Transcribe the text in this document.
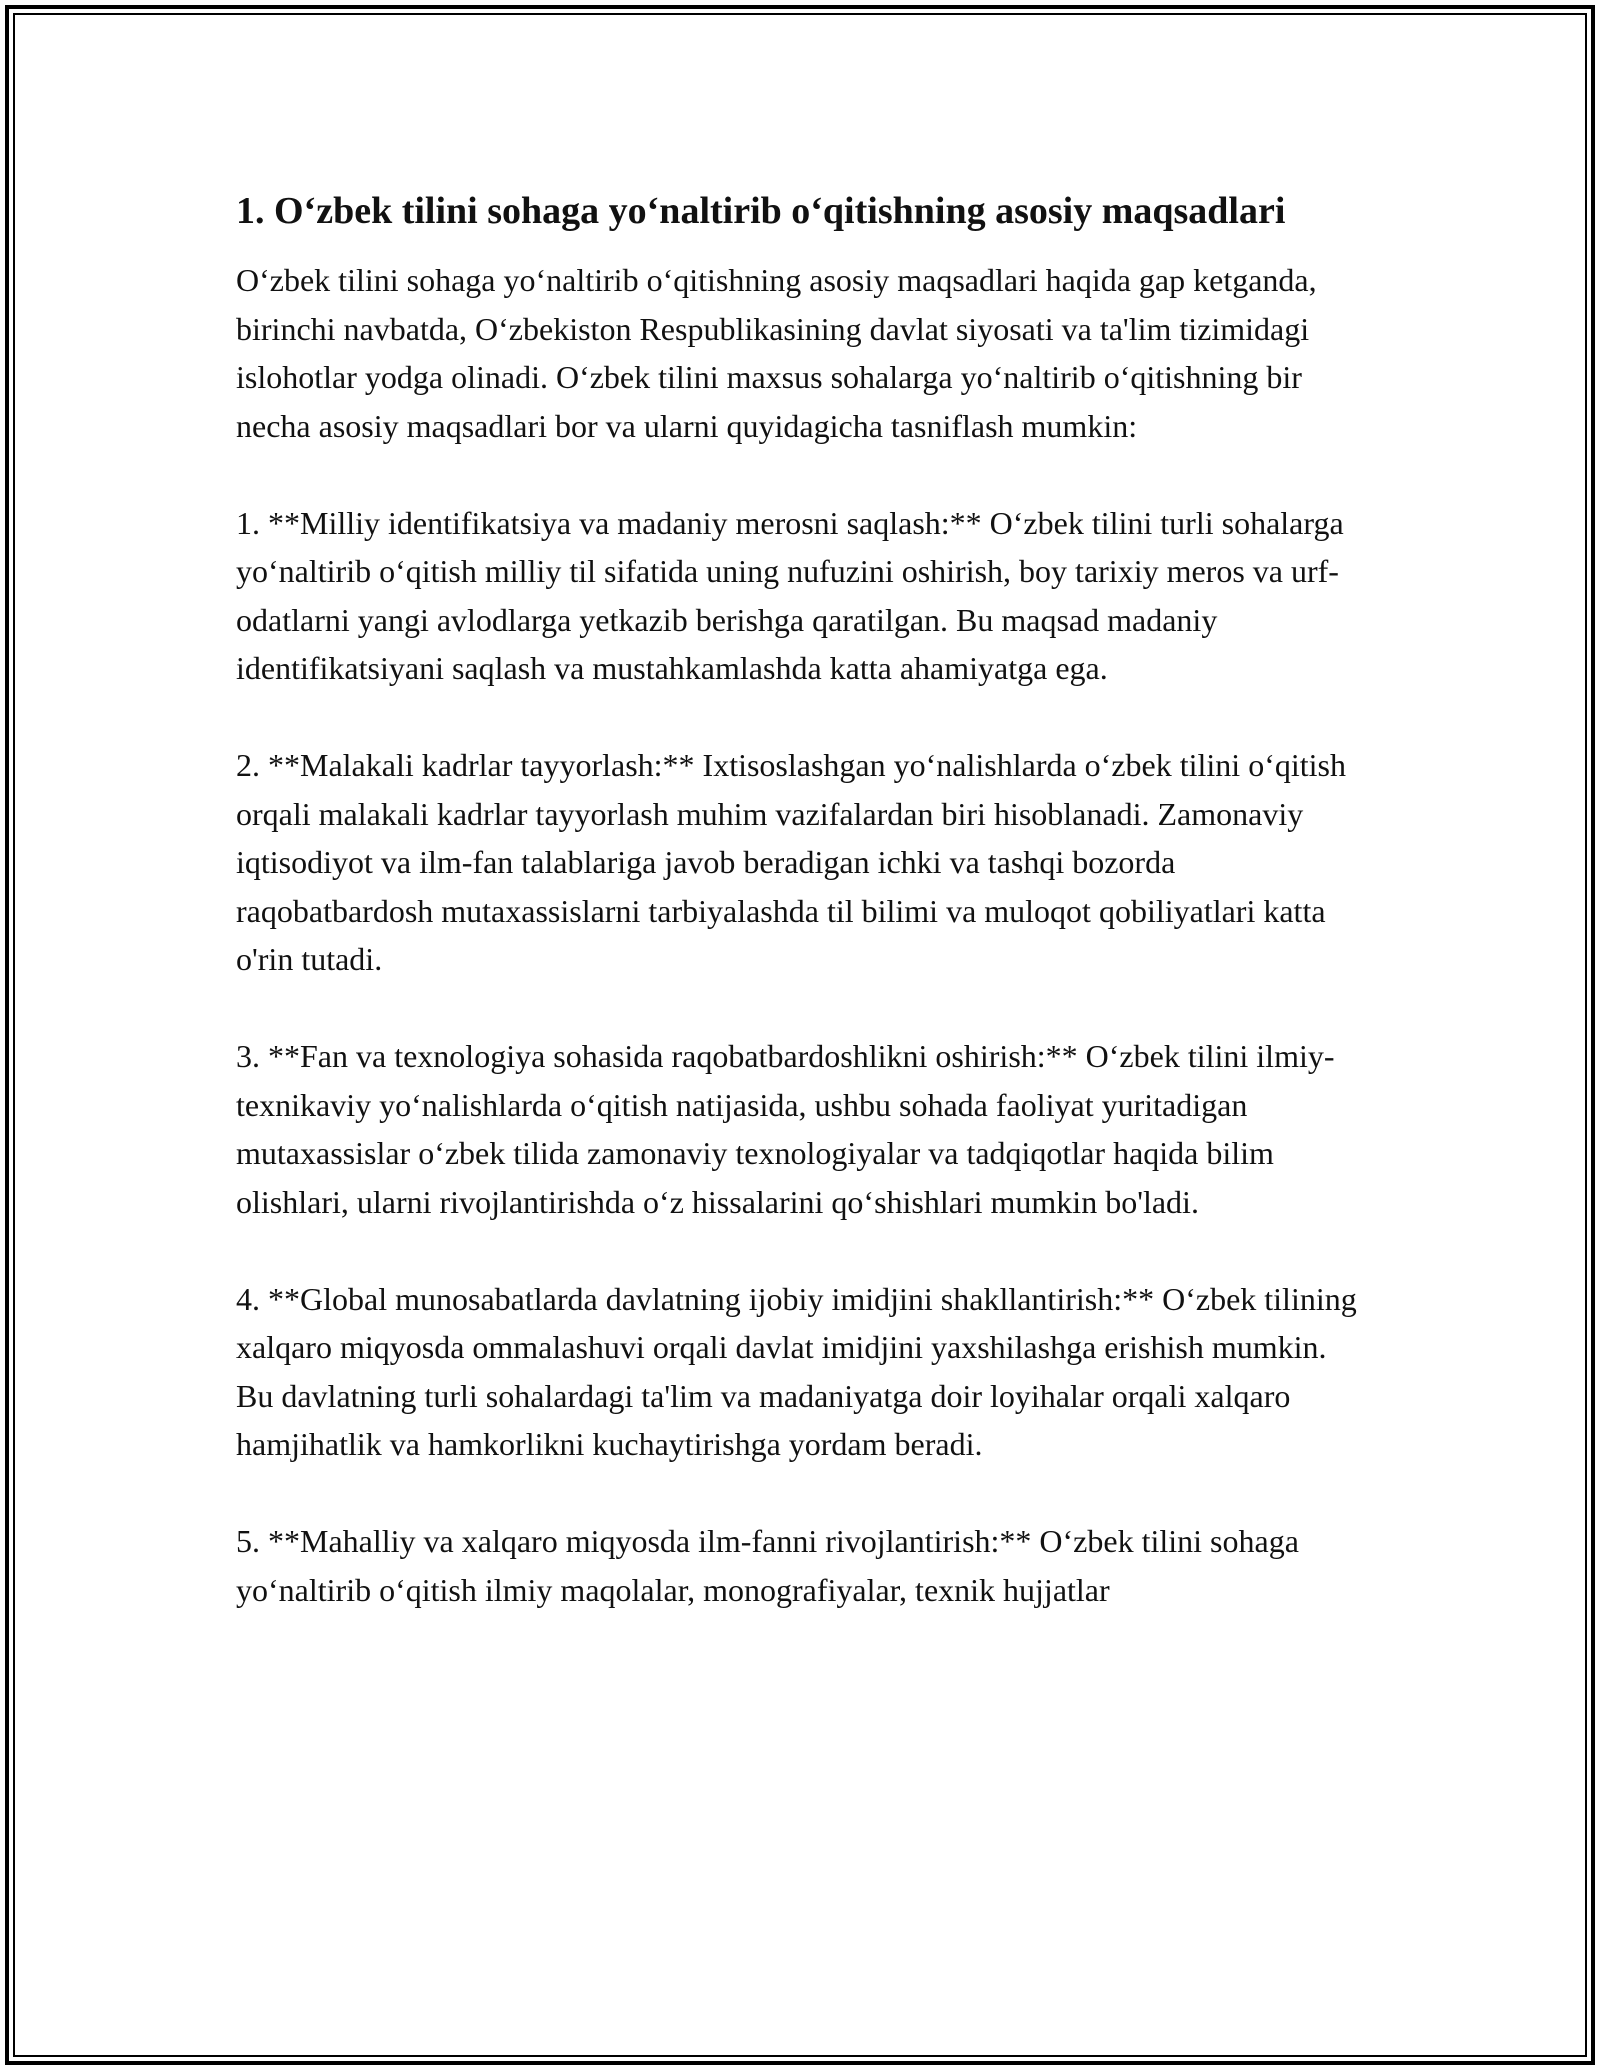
1. O‘zbek tilini sohaga yo‘naltirib o‘qitishning asosiy maqsadlari

O‘zbek tilini sohaga yo‘naltirib o‘qitishning asosiy maqsadlari haqida gap ketganda, birinchi navbatda, O‘zbekiston Respublikasining davlat siyosati va ta'lim tizimidagi islohotlar yodga olinadi. O‘zbek tilini maxsus sohalarga yo‘naltirib o‘qitishning bir necha asosiy maqsadlari bor va ularni quyidagicha tasniflash mumkin:

1. **Milliy identifikatsiya va madaniy merosni saqlash:** O‘zbek tilini turli sohalarga yo‘naltirib o‘qitish milliy til sifatida uning nufuzini oshirish, boy tarixiy meros va urf-odatlarni yangi avlodlarga yetkazib berishga qaratilgan. Bu maqsad madaniy identifikatsiyani saqlash va mustahkamlashda katta ahamiyatga ega.

2. **Malakali kadrlar tayyorlash:** Ixtisoslashgan yo‘nalishlarda o‘zbek tilini o‘qitish orqali malakali kadrlar tayyorlash muhim vazifalardan biri hisoblanadi. Zamonaviy iqtisodiyot va ilm-fan talablariga javob beradigan ichki va tashqi bozorda raqobatbardosh mutaxassislarni tarbiyalashda til bilimi va muloqot qobiliyatlari katta o'rin tutadi.

3. **Fan va texnologiya sohasida raqobatbardoshlikni oshirish:** O‘zbek tilini ilmiy-texnikaviy yo‘nalishlarda o‘qitish natijasida, ushbu sohada faoliyat yuritadigan mutaxassislar o‘zbek tilida zamonaviy texnologiyalar va tadqiqotlar haqida bilim olishlari, ularni rivojlantirishda o‘z hissalarini qo‘shishlari mumkin bo'ladi.

4. **Global munosabatlarda davlatning ijobiy imidjini shakllantirish:** O‘zbek tilining xalqaro miqyosda ommalashuvi orqali davlat imidjini yaxshilashga erishish mumkin. Bu davlatning turli sohalardagi ta'lim va madaniyatga doir loyihalar orqali xalqaro hamjihatlik va hamkorlikni kuchaytirishga yordam beradi.

5. **Mahalliy va xalqaro miqyosda ilm-fanni rivojlantirish:** O‘zbek tilini sohaga yo‘naltirib o‘qitish ilmiy maqolalar, monografiyalar, texnik hujjatlar
